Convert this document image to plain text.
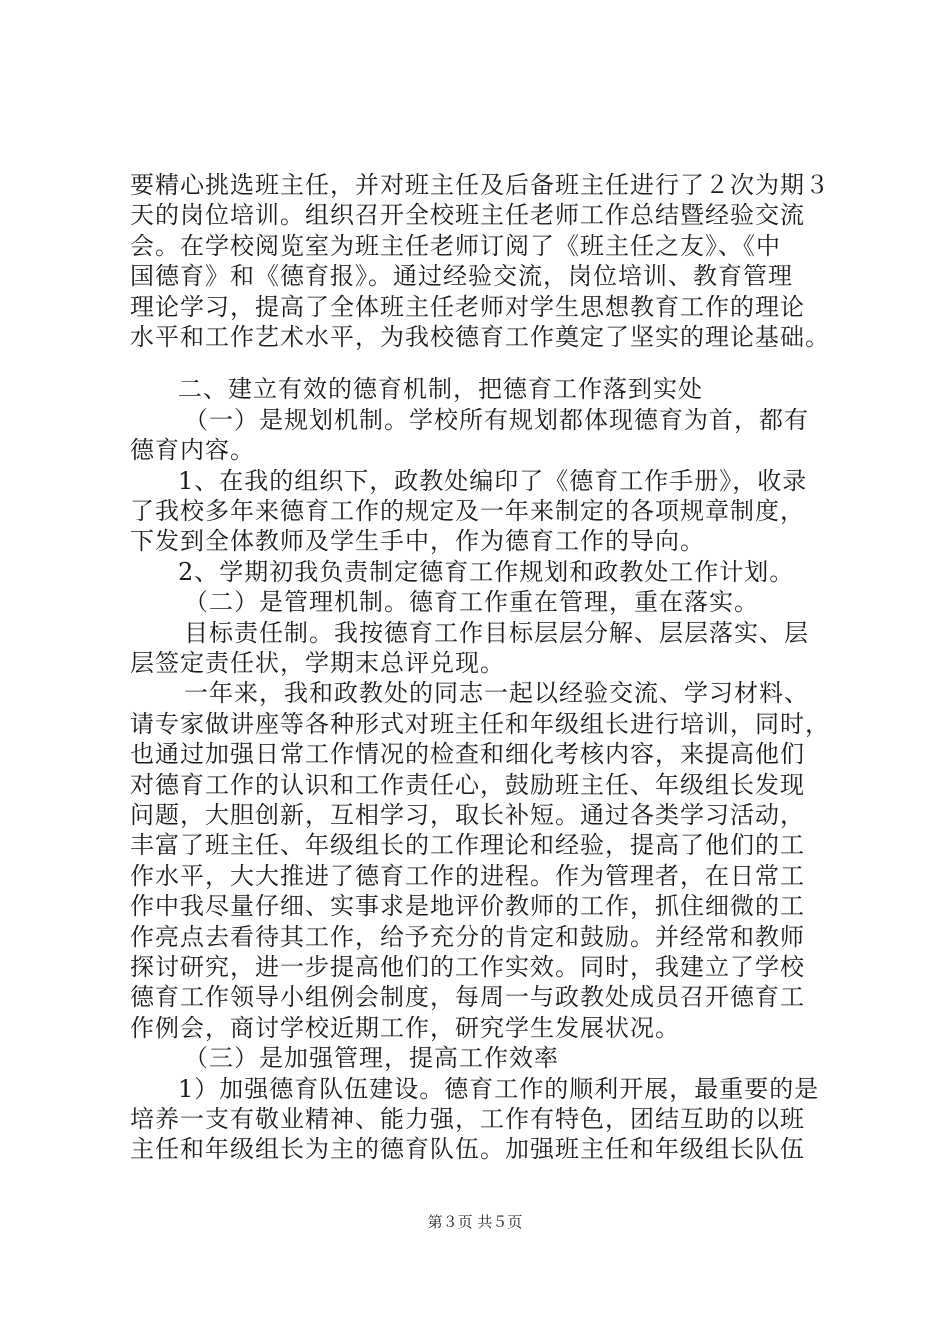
要精心挑选班主任，并对班主任及后备班主任进行了２次为期３
天的岗位培训。组织召开全校班主任老师工作总结暨经验交流
会。在学校阅览室为班主任老师订阅了《班主任之友》、《中
国德育》和《德育报》。通过经验交流，岗位培训、教育管理
理论学习，提高了全体班主任老师对学生思想教育工作的理论
水平和工作艺术水平，为我校德育工作奠定了坚实的理论基础。
二、建立有效的德育机制，把德育工作落到实处
（一）是规划机制。学校所有规划都体现德育为首，都有
德育内容。
1、在我的组织下，政教处编印了《德育工作手册》，收录
了我校多年来德育工作的规定及一年来制定的各项规章制度，
下发到全体教师及学生手中，作为德育工作的导向。
2、学期初我负责制定德育工作规划和政教处工作计划。
（二）是管理机制。德育工作重在管理，重在落实。
目标责任制。我按德育工作目标层层分解、层层落实、层
层签定责任状，学期末总评兑现。
一年来，我和政教处的同志一起以经验交流、学习材料、
请专家做讲座等各种形式对班主任和年级组长进行培训，同时，
也通过加强日常工作情况的检查和细化考核内容，来提高他们
对德育工作的认识和工作责任心，鼓励班主任、年级组长发现
问题，大胆创新，互相学习，取长补短。通过各类学习活动，
丰富了班主任、年级组长的工作理论和经验，提高了他们的工
作水平，大大推进了德育工作的进程。作为管理者，在日常工
作中我尽量仔细、实事求是地评价教师的工作，抓住细微的工
作亮点去看待其工作，给予充分的肯定和鼓励。并经常和教师
探讨研究，进一步提高他们的工作实效。同时，我建立了学校
德育工作领导小组例会制度，每周一与政教处成员召开德育工
作例会，商讨学校近期工作，研究学生发展状况。
（三）是加强管理，提高工作效率
1）加强德育队伍建设。德育工作的顺利开展，最重要的是
培养一支有敬业精神、能力强，工作有特色，团结互助的以班
主任和年级组长为主的德育队伍。加强班主任和年级组长队伍
第３页 共５页
